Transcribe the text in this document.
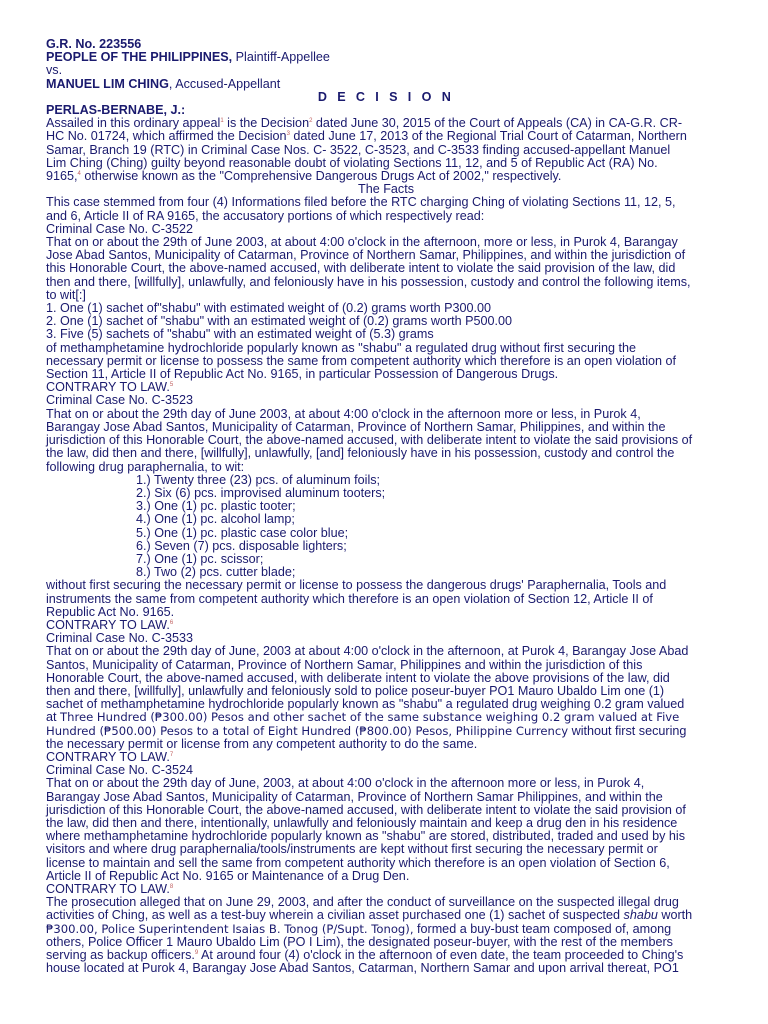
G.R. No. 223556
PEOPLE OF THE PHILIPPINES, Plaintiff-Appellee
vs.
MANUEL LIM CHING, Accused-Appellant
D E C I S I O N
PERLAS-BERNABE, J.:
Assailed in this ordinary appeal$^1$ is the Decision$^2$ dated June 30, 2015 of the Court of Appeals (CA) in CA-G.R. CR-
HC No. 01724, which affirmed the Decision$^3$ dated June 17, 2013 of the Regional Trial Court of Catarman, Northern
Samar, Branch 19 (RTC) in Criminal Case Nos. C- 3522, C-3523, and C-3533 finding accused-appellant Manuel
Lim Ching (Ching) guilty beyond reasonable doubt of violating Sections 11, 12, and 5 of Republic Act (RA) No.
9165,$^4$ otherwise known as the "Comprehensive Dangerous Drugs Act of 2002," respectively.
The Facts
This case stemmed from four (4) Informations filed before the RTC charging Ching of violating Sections 11, 12, 5,
and 6, Article II of RA 9165, the accusatory portions of which respectively read:
Criminal Case No. C-3522
That on or about the 29th of June 2003, at about 4:00 o'clock in the afternoon, more or less, in Purok 4, Barangay
Jose Abad Santos, Municipality of Catarman, Province of Northern Samar, Philippines, and within the jurisdiction of
this Honorable Court, the above-named accused, with deliberate intent to violate the said provision of the law, did
then and there, [willfully], unlawfully, and feloniously have in his possession, custody and control the following items,
to wit[:]
1. One (1) sachet of"shabu" with estimated weight of (0.2) grams worth P300.00
2. One (1) sachet of "shabu" with an estimated weight of (0.2) grams worth P500.00
3. Five (5) sachets of "shabu" with an estimated weight of (5.3) grams
of methamphetamine hydrochloride popularly known as "shabu" a regulated drug without first securing the
necessary permit or license to possess the same from competent authority which therefore is an open violation of
Section 11, Article II of Republic Act No. 9165, in particular Possession of Dangerous Drugs.
CONTRARY TO LAW.$^5$
Criminal Case No. C-3523
That on or about the 29th day of June 2003, at about 4:00 o'clock in the afternoon more or less, in Purok 4,
Barangay Jose Abad Santos, Municipality of Catarman, Province of Northern Samar, Philippines, and within the
jurisdiction of this Honorable Court, the above-named accused, with deliberate intent to violate the said provisions of
the law, did then and there, [willfully], unlawfully, [and] feloniously have in his possession, custody and control the
following drug paraphernalia, to wit:
1.) Twenty three (23) pcs. of aluminum foils;
2.) Six (6) pcs. improvised aluminum tooters;
3.) One (1) pc. plastic tooter;
4.) One (1) pc. alcohol lamp;
5.) One (1) pc. plastic case color blue;
6.) Seven (7) pcs. disposable lighters;
7.) One (1) pc. scissor;
8.) Two (2) pcs. cutter blade;
without first securing the necessary permit or license to possess the dangerous drugs' Paraphernalia, Tools and
instruments the same from competent authority which therefore is an open violation of Section 12, Article II of
Republic Act No. 9165.
CONTRARY TO LAW.$^6$
Criminal Case No. C-3533
That on or about the 29th day of June, 2003 at about 4:00 o'clock in the afternoon, at Purok 4, Barangay Jose Abad
Santos, Municipality of Catarman, Province of Northern Samar, Philippines and within the jurisdiction of this
Honorable Court, the above-named accused, with deliberate intent to violate the above provisions of the law, did
then and there, [willfully], unlawfully and feloniously sold to police poseur-buyer PO1 Mauro Ubaldo Lim one (1)
sachet of methamphetamine hydrochloride popularly known as "shabu" a regulated drug weighing 0.2 gram valued
at Three Hundred (₱300.00) Pesos and other sachet of the same substance weighing 0.2 gram valued at Five
Hundred (₱500.00) Pesos to a total of Eight Hundred (₱800.00) Pesos, Philippine Currency without first securing
the necessary permit or license from any competent authority to do the same.
CONTRARY TO LAW.$^7$
Criminal Case No. C-3524
That on or about the 29th day of June, 2003, at about 4:00 o'clock in the afternoon more or less, in Purok 4,
Barangay Jose Abad Santos, Municipality of Catarman, Province of Northern Samar Philippines, and within the
jurisdiction of this Honorable Court, the above-named accused, with deliberate intent to violate the said provision of
the law, did then and there, intentionally, unlawfully and feloniously maintain and keep a drug den in his residence
where methamphetamine hydrochloride popularly known as "shabu" are stored, distributed, traded and used by his
visitors and where drug paraphernalia/tools/instruments are kept without first securing the necessary permit or
license to maintain and sell the same from competent authority which therefore is an open violation of Section 6,
Article II of Republic Act No. 9165 or Maintenance of a Drug Den.
CONTRARY TO LAW.$^8$
The prosecution alleged that on June 29, 2003, and after the conduct of surveillance on the suspected illegal drug
activities of Ching, as well as a test-buy wherein a civilian asset purchased one (1) sachet of suspected shabu worth
₱300.00, Police Superintendent Isaias B. Tonog (P/Supt. Tonog), formed a buy-bust team composed of, among
others, Police Officer 1 Mauro Ubaldo Lim (PO I Lim), the designated poseur-buyer, with the rest of the members
serving as backup officers.$^9$ At around four (4) o'clock in the afternoon of even date, the team proceeded to Ching's
house located at Purok 4, Barangay Jose Abad Santos, Catarman, Northern Samar and upon arrival thereat, PO1
